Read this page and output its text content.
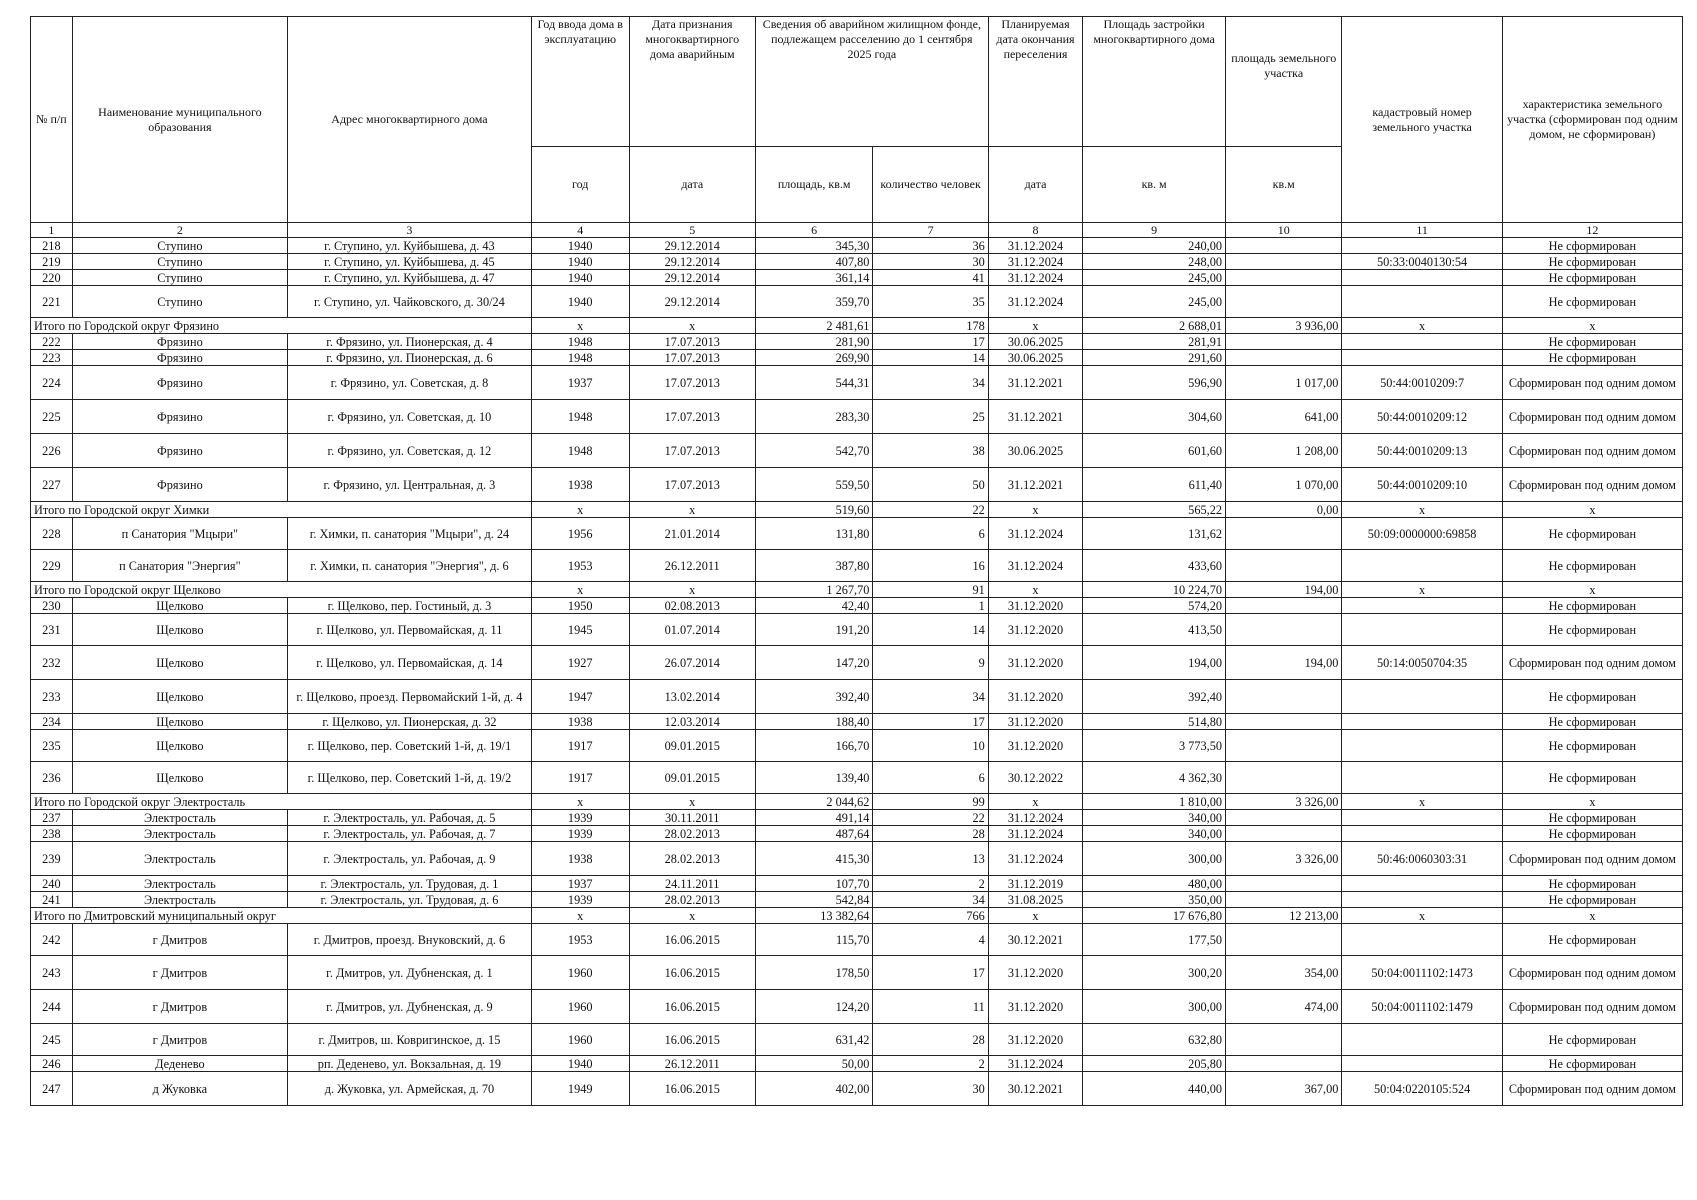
№ п/п	Наименование муниципального образования	Адрес многоквартирного дома	Год ввода дома в эксплуатацию	Дата признания многоквартирного дома аварийным	Сведения об аварийном жилищном фонде, подлежащем расселению до 1 сентября 2025 года		Планируемая дата окончания переселения	Площадь застройки многоквартирного дома	площадь земельного участка	кадастровый номер земельного участка	характеристика земельного участка (сформирован под одним домом, не сформирован)
			год	дата	площадь, кв.м	количество человек	дата	кв. м	кв.м		
1	2	3	4	5	6	7	8	9	10	11	12
218	Ступино	г. Ступино, ул. Куйбышева, д. 43	1940	29.12.2014	345,30	36	31.12.2024	240,00			Не сформирован
219	Ступино	г. Ступино, ул. Куйбышева, д. 45	1940	29.12.2014	407,80	30	31.12.2024	248,00		50:33:0040130:54	Не сформирован
220	Ступино	г. Ступино, ул. Куйбышева, д. 47	1940	29.12.2014	361,14	41	31.12.2024	245,00			Не сформирован
221	Ступино	г. Ступино, ул. Чайковского, д. 30/24	1940	29.12.2014	359,70	35	31.12.2024	245,00			Не сформирован
Итого по Городской округ Фрязино			x	x	2 481,61	178	x	2 688,01	3 936,00	x	x
222	Фрязино	г. Фрязино, ул. Пионерская, д. 4	1948	17.07.2013	281,90	17	30.06.2025	281,91			Не сформирован
223	Фрязино	г. Фрязино, ул. Пионерская, д. 6	1948	17.07.2013	269,90	14	30.06.2025	291,60			Не сформирован
224	Фрязино	г. Фрязино, ул. Советская, д. 8	1937	17.07.2013	544,31	34	31.12.2021	596,90	1 017,00	50:44:0010209:7	Сформирован под одним домом
225	Фрязино	г. Фрязино, ул. Советская, д. 10	1948	17.07.2013	283,30	25	31.12.2021	304,60	641,00	50:44:0010209:12	Сформирован под одним домом
226	Фрязино	г. Фрязино, ул. Советская, д. 12	1948	17.07.2013	542,70	38	30.06.2025	601,60	1 208,00	50:44:0010209:13	Сформирован под одним домом
227	Фрязино	г. Фрязино, ул. Центральная, д. 3	1938	17.07.2013	559,50	50	31.12.2021	611,40	1 070,00	50:44:0010209:10	Сформирован под одним домом
Итого по Городской округ Химки			x	x	519,60	22	x	565,22	0,00	x	x
228	п Санатория "Мцыри"	г. Химки, п. санатория "Мцыри", д. 24	1956	21.01.2014	131,80	6	31.12.2024	131,62		50:09:0000000:69858	Не сформирован
229	п Санатория "Энергия"	г. Химки, п. санатория "Энергия", д. 6	1953	26.12.2011	387,80	16	31.12.2024	433,60			Не сформирован
Итого по Городской округ Щелково			x	x	1 267,70	91	x	10 224,70	194,00	x	x
230	Щелково	г. Щелково, пер. Гостиный, д. 3	1950	02.08.2013	42,40	1	31.12.2020	574,20			Не сформирован
231	Щелково	г. Щелково, ул. Первомайская, д. 11	1945	01.07.2014	191,20	14	31.12.2020	413,50			Не сформирован
232	Щелково	г. Щелково, ул. Первомайская, д. 14	1927	26.07.2014	147,20	9	31.12.2020	194,00	194,00	50:14:0050704:35	Сформирован под одним домом
233	Щелково	г. Щелково, проезд. Первомайский 1-й, д. 4	1947	13.02.2014	392,40	34	31.12.2020	392,40			Не сформирован
234	Щелково	г. Щелково, ул. Пионерская, д. 32	1938	12.03.2014	188,40	17	31.12.2020	514,80			Не сформирован
235	Щелково	г. Щелково, пер. Советский 1-й, д. 19/1	1917	09.01.2015	166,70	10	31.12.2020	3 773,50			Не сформирован
236	Щелково	г. Щелково, пер. Советский 1-й, д. 19/2	1917	09.01.2015	139,40	6	30.12.2022	4 362,30			Не сформирован
Итого по Городской округ Электросталь			x	x	2 044,62	99	x	1 810,00	3 326,00	x	x
237	Электросталь	г. Электросталь, ул. Рабочая, д. 5	1939	30.11.2011	491,14	22	31.12.2024	340,00			Не сформирован
238	Электросталь	г. Электросталь, ул. Рабочая, д. 7	1939	28.02.2013	487,64	28	31.12.2024	340,00			Не сформирован
239	Электросталь	г. Электросталь, ул. Рабочая, д. 9	1938	28.02.2013	415,30	13	31.12.2024	300,00	3 326,00	50:46:0060303:31	Сформирован под одним домом
240	Электросталь	г. Электросталь, ул. Трудовая, д. 1	1937	24.11.2011	107,70	2	31.12.2019	480,00			Не сформирован
241	Электросталь	г. Электросталь, ул. Трудовая, д. 6	1939	28.02.2013	542,84	34	31.08.2025	350,00			Не сформирован
Итого по Дмитровский муниципальный округ			x	x	13 382,64	766	x	17 676,80	12 213,00	x	x
242	г Дмитров	г. Дмитров, проезд. Внуковский, д. 6	1953	16.06.2015	115,70	4	30.12.2021	177,50			Не сформирован
243	г Дмитров	г. Дмитров, ул. Дубненская, д. 1	1960	16.06.2015	178,50	17	31.12.2020	300,20	354,00	50:04:0011102:1473	Сформирован под одним домом
244	г Дмитров	г. Дмитров, ул. Дубненская, д. 9	1960	16.06.2015	124,20	11	31.12.2020	300,00	474,00	50:04:0011102:1479	Сформирован под одним домом
245	г Дмитров	г. Дмитров, ш. Ковригинское, д. 15	1960	16.06.2015	631,42	28	31.12.2020	632,80			Не сформирован
246	Деденево	рп. Деденево, ул. Вокзальная, д. 19	1940	26.12.2011	50,00	2	31.12.2024	205,80			Не сформирован
247	д Жуковка	д. Жуковка, ул. Армейская, д. 70	1949	16.06.2015	402,00	30	30.12.2021	440,00	367,00	50:04:0220105:524	Сформирован под одним домом
